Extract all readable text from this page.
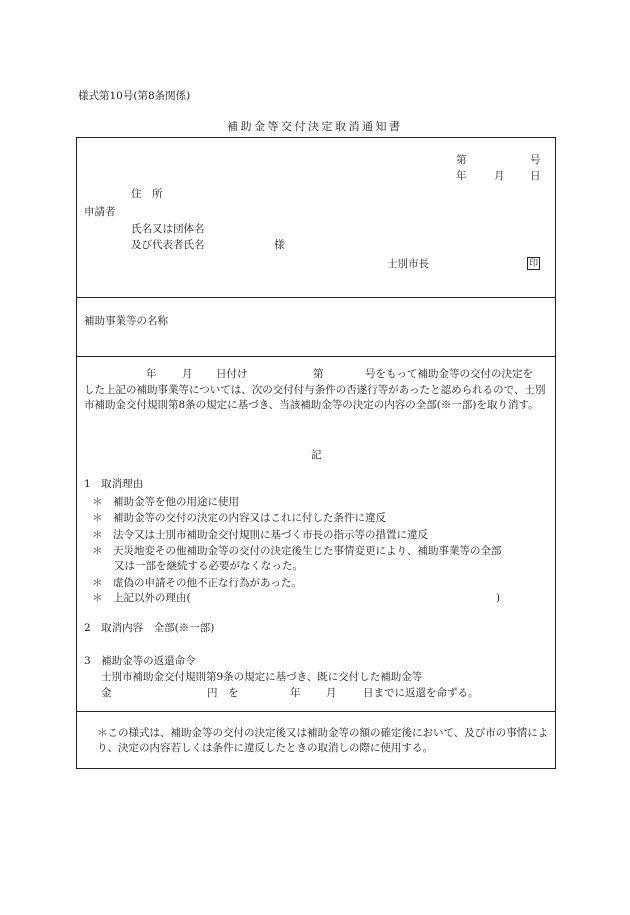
様式第10号(第8条関係)
補助金等交付決定取消通知書
第	号
年	月 日
住　所
申請者
氏名又は団体名
及び代表者氏名	様
士別市長	印
補助事業等の名称
年 月 日付け	第	号をもって補助金等の交付の決定を
した上記の補助事業等については、次の交付付与条件の否遂行等があったと認められるので、士別市補助金交付規則第8条の規定に基づき、当該補助金等の決定の内容の全部(※一部)を取り消す。
記
1　取消理由
＊　補助金等を他の用途に使用
＊　補助金等の交付の決定の内容又はこれに付した条件に違反
＊　法令又は士別市補助金交付規則に基づく市長の指示等の措置に違反
＊　天災地変その他補助金等の交付の決定後生じた事情変更により、補助事業等の全部
又は一部を継続する必要がなくなった。
＊　虚偽の申請その他不正な行為があった。
＊　上記以外の理由(	)
2　取消内容　全部(※一部)
3　補助金等の返還命令
士別市補助金交付規則第9条の規定に基づき、既に交付した補助金等
金	円　を	年 月	日までに返還を命ずる。
＊この様式は、補助金等の交付の決定後又は補助金等の額の確定後において、及び市の事情により、決定の内容若しくは条件に違反したときの取消しの際に使用する。
